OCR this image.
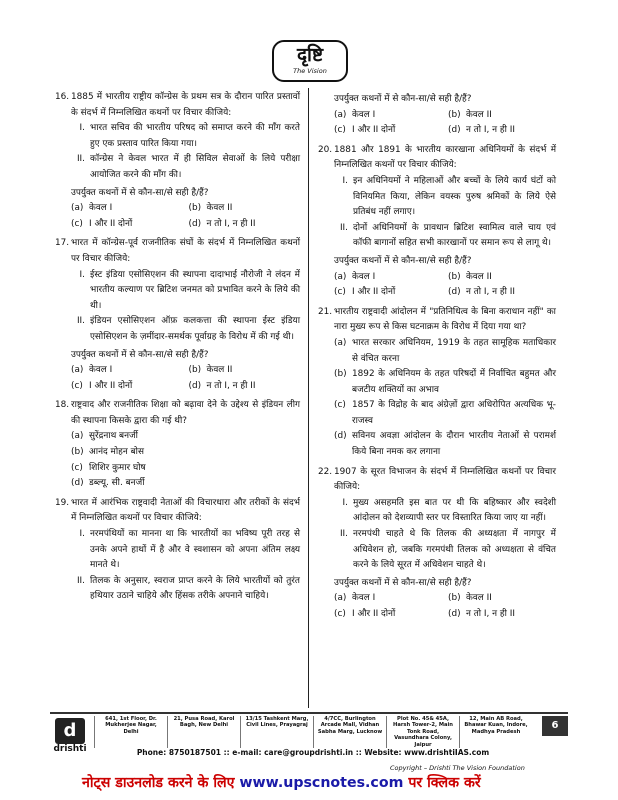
दृष्टि
The Vision
16. 1885 में भारतीय राष्ट्रीय कॉन्ग्रेस के प्रथम सत्र के दौरान पारित प्रस्तावों के संदर्भ में निम्नलिखित कथनों पर विचार कीजिये:
I. भारत सचिव की भारतीय परिषद को समाप्त करने की माँग करते हुए एक प्रस्ताव पारित किया गया।
II. कॉन्ग्रेस ने केवल भारत में ही सिविल सेवाओं के लिये परीक्षा आयोजित करने की माँग की।
उपर्युक्त कथनों में से कौन-सा/से सही है/हैं?
(a) केवल I	(b) केवल II
(c) I और II दोनों	(d) न तो I, न ही II
17. भारत में कॉन्ग्रेस-पूर्व राजनीतिक संघों के संदर्भ में निम्नलिखित कथनों पर विचार कीजिये:
I. ईस्ट इंडिया एसोसिएशन की स्थापना दादाभाई नौरोजी ने लंदन में भारतीय कल्याण पर ब्रिटिश जनमत को प्रभावित करने के लिये की थी।
II. इंडियन एसोसिएशन ऑफ़ कलकत्ता की स्थापना ईस्ट इंडिया एसोसिएशन के ज़मींदार-समर्थक पूर्वाग्रह के विरोध में की गई थी।
उपर्युक्त कथनों में से कौन-सा/से सही है/हैं?
(a) केवल I	(b) केवल II
(c) I और II दोनों	(d) न तो I, न ही II
18. राष्ट्रवाद और राजनीतिक शिक्षा को बढ़ावा देने के उद्देश्य से इंडियन लीग की स्थापना किसके द्वारा की गई थी?
(a) सुरेंद्रनाथ बनर्जी
(b) आनंद मोहन बोस
(c) शिशिर कुमार घोष
(d) डब्ल्यू. सी. बनर्जी
19. भारत में आरंभिक राष्ट्रवादी नेताओं की विचारधारा और तरीकों के संदर्भ में निम्नलिखित कथनों पर विचार कीजिये:
I. नरमपंथियों का मानना था कि भारतीयों का भविष्य पूरी तरह से उनके अपने हाथों में है और वे स्वशासन को अपना अंतिम लक्ष्य मानते थे।
II. तिलक के अनुसार, स्वराज प्राप्त करने के लिये भारतीयों को तुरंत हथियार उठाने चाहिये और हिंसक तरीके अपनाने चाहिये।
उपर्युक्त कथनों में से कौन-सा/से सही है/हैं?
(a) केवल I	(b) केवल II
(c) I और II दोनों	(d) न तो I, न ही II
20. 1881 और 1891 के भारतीय कारखाना अधिनियमों के संदर्भ में निम्नलिखित कथनों पर विचार कीजिये:
I. इन अधिनियमों ने महिलाओं और बच्चों के लिये कार्य घंटों को विनियमित किया, लेकिन वयस्क पुरुष श्रमिकों के लिये ऐसे प्रतिबंध नहीं लगाए।
II. दोनों अधिनियमों के प्रावधान ब्रिटिश स्वामित्व वाले चाय एवं कॉफी बागानों सहित सभी कारखानों पर समान रूप से लागू थे।
उपर्युक्त कथनों में से कौन-सा/से सही है/हैं?
(a) केवल I	(b) केवल II
(c) I और II दोनों	(d) न तो I, न ही II
21. भारतीय राष्ट्रवादी आंदोलन में "प्रतिनिधित्व के बिना कराधान नहीं" का नारा मुख्य रूप से किस घटनाक्रम के विरोध में दिया गया था?
(a) भारत सरकार अधिनियम, 1919 के तहत सामूहिक मताधिकार से वंचित करना
(b) 1892 के अधिनियम के तहत परिषदों में निर्वाचित बहुमत और बजटीय शक्तियों का अभाव
(c) 1857 के विद्रोह के बाद अंग्रेज़ों द्वारा अधिरोपित अत्यधिक भू-राजस्व
(d) सविनय अवज्ञा आंदोलन के दौरान भारतीय नेताओं से परामर्श किये बिना नमक कर लगाना
22. 1907 के सूरत विभाजन के संदर्भ में निम्नलिखित कथनों पर विचार कीजिये:
I. मुख्य असहमति इस बात पर थी कि बहिष्कार और स्वदेशी आंदोलन को देशव्यापी स्तर पर विस्तारित किया जाए या नहीं।
II. नरमपंथी चाहते थे कि तिलक की अध्यक्षता में नागपुर में अधिवेशन हो, जबकि गरमपंथी तिलक को अध्यक्षता से वंचित करने के लिये सूरत में अधिवेशन चाहते थे।
उपर्युक्त कथनों में से कौन-सा/से सही है/हैं?
(a) केवल I	(b) केवल II
(c) I और II दोनों	(d) न तो I, न ही II
d
drishti
641, 1st Floor, Dr. Mukherjee Nagar, Delhi
21, Pusa Road, Karol Bagh, New Delhi
13/15 Tashkent Marg, Civil Lines, Prayagraj
4/7CC, Burlington Arcade Mall, Vidhan Sabha Marg, Lucknow
Plot No. 45& 45A, Harsh Tower-2, Main Tonk Road, Vasundhara Colony, Jaipur
12, Main AB Road, Bhawar Kuan, Indore, Madhya Pradesh
Phone: 8750187501 :: e-mail: care@groupdrishti.in :: Website: www.drishtiIAS.com
6
Copyright – Drishti The Vision Foundation
नोट्स डाउनलोड करने के लिए www.upscnotes.com पर क्लिक करें
